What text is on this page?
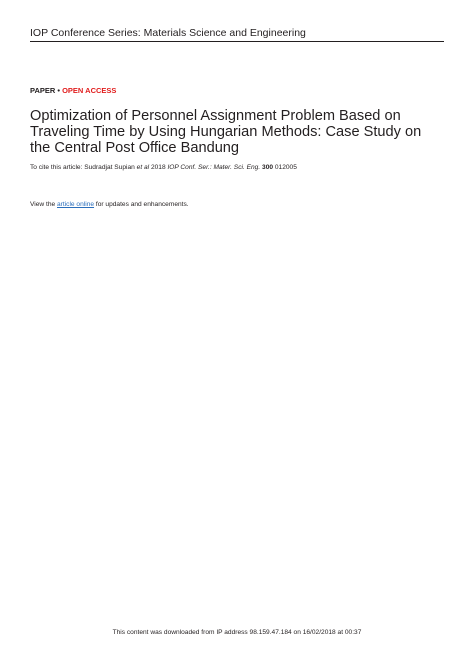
IOP Conference Series: Materials Science and Engineering
PAPER • OPEN ACCESS
Optimization of Personnel Assignment Problem Based on Traveling Time by Using Hungarian Methods: Case Study on the Central Post Office Bandung
To cite this article: Sudradjat Supian et al 2018 IOP Conf. Ser.: Mater. Sci. Eng. 300 012005
View the article online for updates and enhancements.
This content was downloaded from IP address 98.159.47.184 on 16/02/2018 at 00:37
